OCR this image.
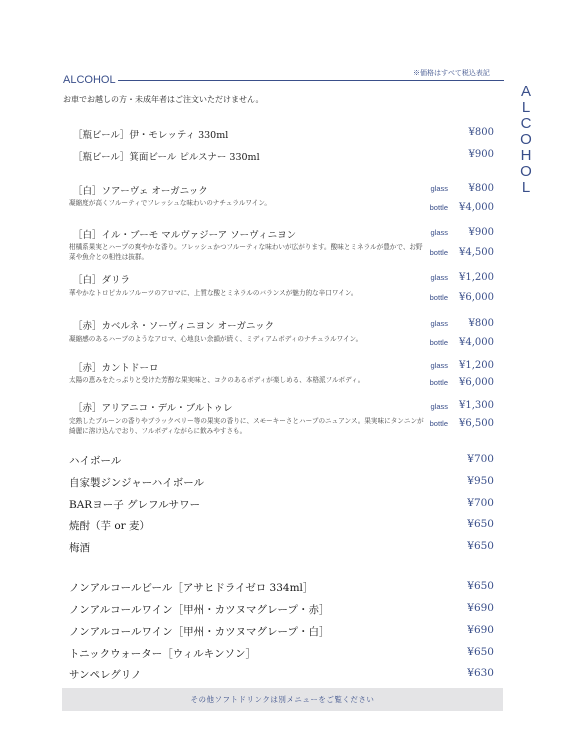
※価格はすべて税込表記
ALCOHOL
A
L
C
O
H
O
L
お車でお越しの方・未成年者はご注文いただけません。
［瓶ビール］伊・モレッティ 330ml	¥800
［瓶ビール］箕面ビール ピルスナー 330ml	¥900
［白］ソアーヴェ オーガニック
凝縮度が高くフルーティでフレッシュな味わいのナチュラルワイン。
glass	¥800
bottle	¥4,000
［白］イル・ブーモ マルヴァジーア ソーヴィニヨン
柑橘系果実とハーブの爽やかな香り。フレッシュかつフルーティな味わいが広がります。酸味とミネラルが豊かで、お野菜や魚介との相性は抜群。
glass	¥900
bottle	¥4,500
［白］ダリラ
華やかなトロピカルフルーツのアロマに、上質な酸とミネラルのバランスが魅力的な辛口ワイン。
glass	¥1,200
bottle	¥6,000
［赤］カベルネ・ソーヴィニヨン オーガニック
凝縮感のあるハーブのようなアロマ、心地良い余韻が続く、ミディアムボディのナチュラルワイン。
glass	¥800
bottle	¥4,000
［赤］カントドーロ
太陽の恵みをたっぷりと受けた芳醇な果実味と、コクのあるボディが楽しめる、本格派フルボディ。
glass	¥1,200
bottle	¥6,000
［赤］アリアニコ・デル・ブルトゥレ
完熟したプルーンの香りやブラックベリー等の果実の香りに、スモーキーさとハーブのニュアンス。果実味にタンニンが綺麗に溶け込んでおり、フルボディながらに飲みやすさも。
glass	¥1,300
bottle	¥6,500
ハイボール	¥700
自家製ジンジャーハイボール	¥950
BARヨー子 グレフルサワー	¥700
焼酎（芋 or 麦）	¥650
梅酒	¥650
ノンアルコールビール［アサヒドライゼロ 334ml］	¥650
ノンアルコールワイン［甲州・カツヌマグレープ・赤］	¥690
ノンアルコールワイン［甲州・カツヌマグレープ・白］	¥690
トニックウォーター［ウィルキンソン］	¥650
サンペレグリノ	¥630
その他ソフトドリンクは別メニューをご覧ください
